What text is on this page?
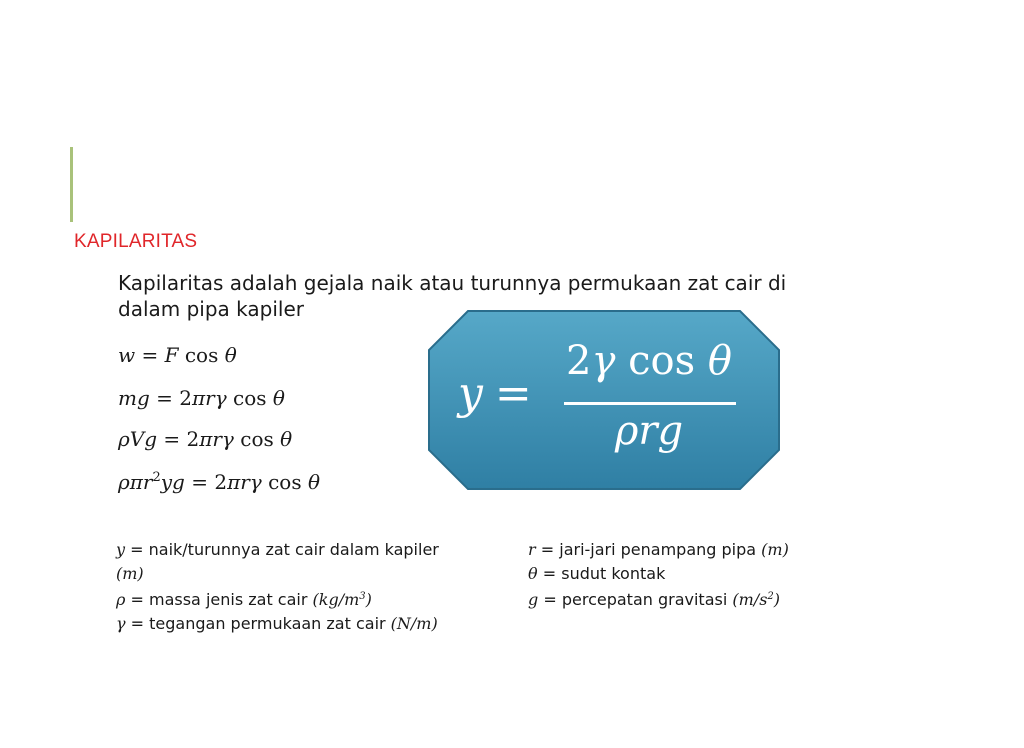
KAPILARITAS
Kapilaritas adalah gejala naik atau turunnya permukaan zat cair di dalam pipa kapiler
w = F cos θ
mg = 2πrγ cos θ
ρVg = 2πrγ cos θ
ρπr$^2$yg = 2πrγ cos θ
y =
2γ cos θ
ρrg
y = naik/turunnya zat cair dalam kapiler
(m)
ρ = massa jenis zat cair $(kg/m^3)$
γ = tegangan permukaan zat cair (N/m)
r = jari-jari penampang pipa (m)
θ = sudut kontak
g = percepatan gravitasi $(m/s^2)$
